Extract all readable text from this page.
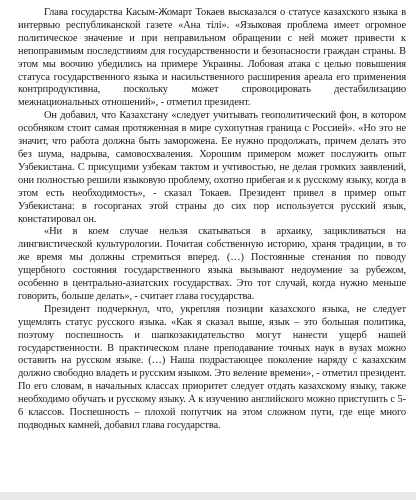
Глава государства Касым-Жомарт Токаев высказался о статусе казахского языка в интервью республиканской газете «Ана тілі». «Языковая проблема имеет огромное политическое значение и при неправильном обращении с ней может привести к непоправимым последствиям для государственности и безопасности граждан страны. В этом мы воочию убедились на примере Украины. Лобовая атака с целью повышения статуса государственного языка и насильственного расширения ареала его применения контрпродуктивна, поскольку может спровоцировать дестабилизацию межнациональных отношений», - отметил президент.

Он добавил, что Казахстану «следует учитывать геополитический фон, в котором особняком стоит самая протяженная в мире сухопутная граница с Россией». «Но это не значит, что работа должна быть заморожена. Ее нужно продолжать, причем делать это без шума, надрыва, самовосхваления. Хорошим примером может послужить опыт Узбекистана. С присущими узбекам тактом и учтивостью, не делая громких заявлений, они полностью решили языковую проблему, охотно прибегая и к русскому языку, когда в этом есть необходимость», - сказал Токаев. Президент привел в пример опыт Узбекистана: в госорганах этой страны до сих пор используется русский язык, констатировал он.

«Ни в коем случае нельзя скатываться в архаику, зацикливаться на лингвистической культурологии. Почитая собственную историю, храня традиции, в то же время мы должны стремиться вперед. (…) Постоянные стенания по поводу ущербного состояния государственного языка вызывают недоумение за рубежом, особенно в центрально-азиатских государствах. Это тот случай, когда нужно меньше говорить, больше делать», - считает глава государства.

Президент подчеркнул, что, укрепляя позиции казахского языка, не следует ущемлять статус русского языка. «Как я сказал выше, язык – это большая политика, поэтому поспешность и шапкозакидательство могут нанести ущерб нашей государственности. В практическом плане преподавание точных наук в вузах можно оставить на русском языке. (…) Наша подрастающее поколение наряду с казахским должно свободно владеть и русским языком. Это веление времени», - отметил президент. По его словам, в начальных классах приоритет следует отдать казахскому языку, также необходимо обучать и русскому языку. А к изучению английского можно приступить с 5-6 классов. Поспешность – плохой попутчик на этом сложном пути, где еще много подводных камней, добавил глава государства.
